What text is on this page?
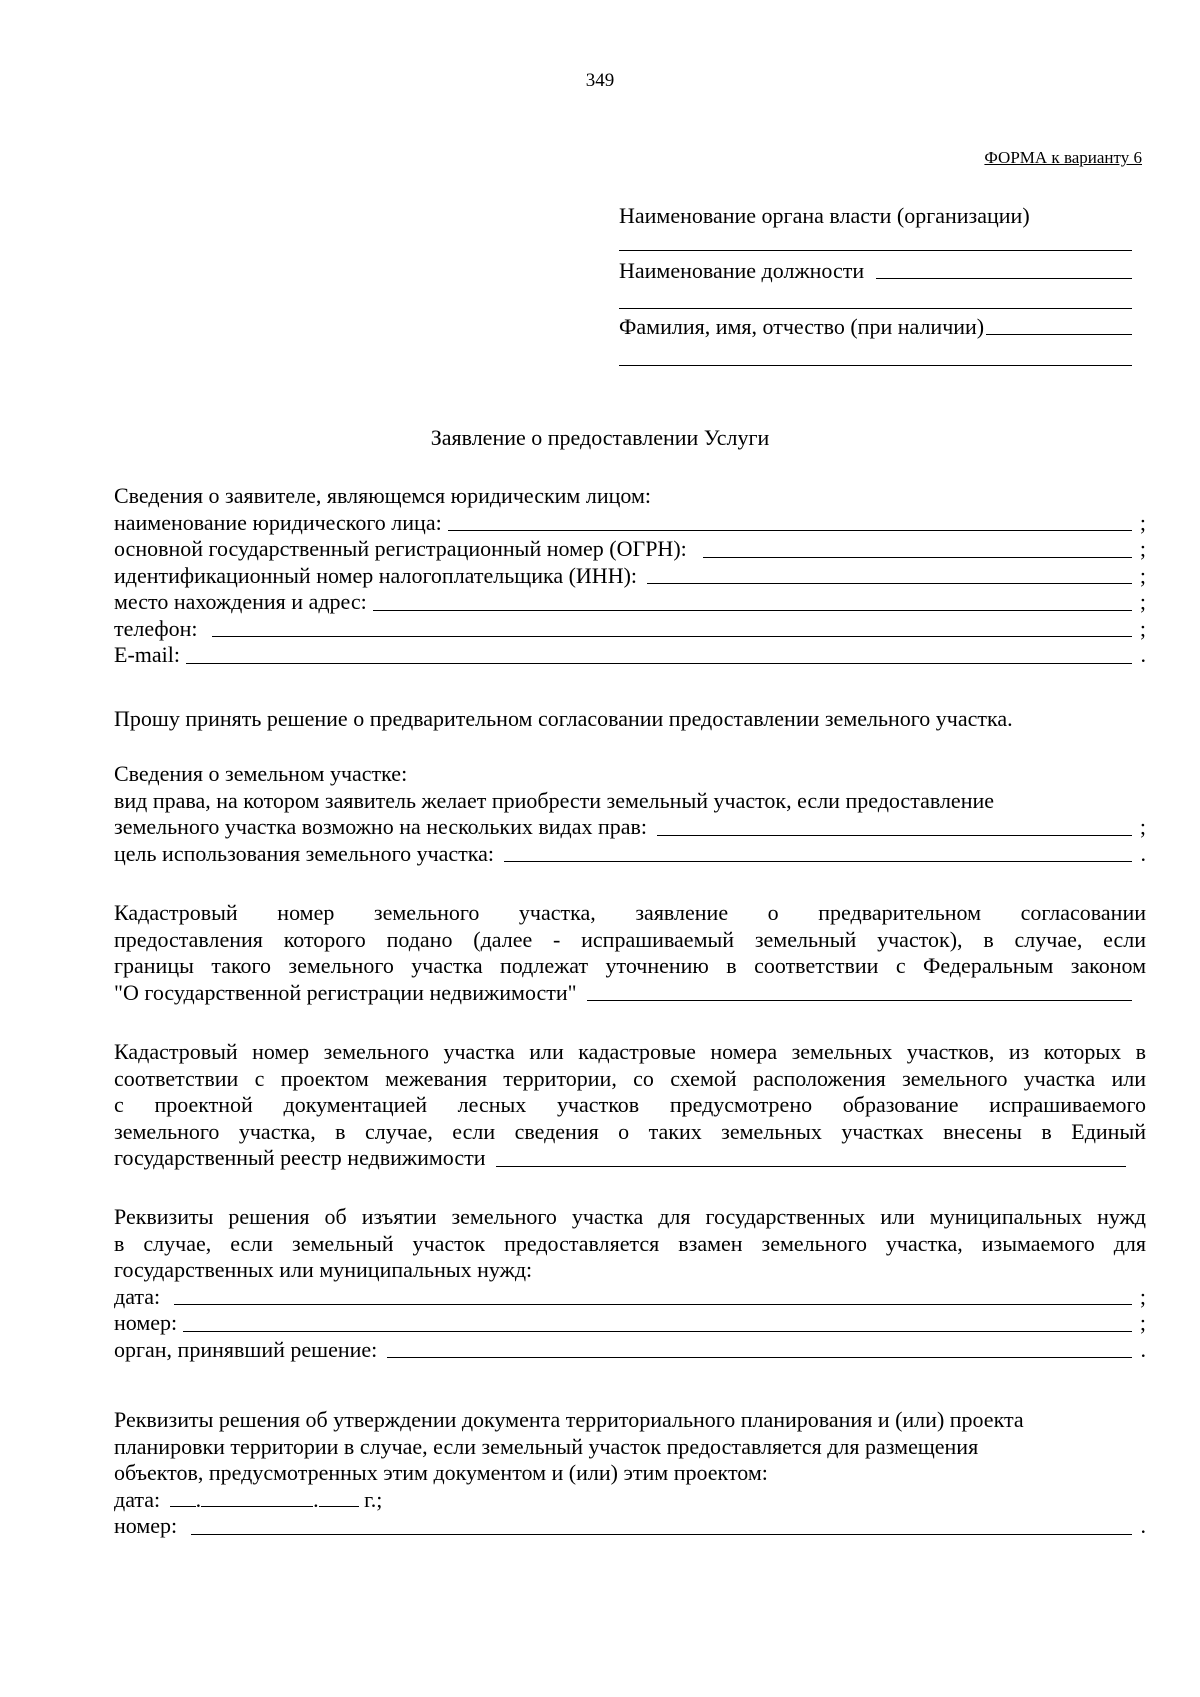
349
ФОРМА к варианту 6
Наименование органа власти (организации)
Наименование должности
Фамилия, имя, отчество (при наличии)
Заявление о предоставлении Услуги
Сведения о заявителе, являющемся юридическим лицом:
наименование юридического лица:	;
основной государственный регистрационный номер (ОГРН):	;
идентификационный номер налогоплательщика (ИНН):	;
место нахождения и адрес:	;
телефон:	;
E-mail:	.
Прошу принять решение о предварительном согласовании предоставлении земельного участка.
Сведения о земельном участке:
вид права, на котором заявитель желает приобрести земельный участок, если предоставление
земельного участка возможно на нескольких видах прав:	;
цель использования земельного участка:	.
Кадастровый номер земельного участка, заявление о предварительном согласовании
предоставления которого подано (далее - испрашиваемый земельный участок), в случае, если
границы такого земельного участка подлежат уточнению в соответствии с Федеральным законом
"О государственной регистрации недвижимости"
Кадастровый номер земельного участка или кадастровые номера земельных участков, из которых в
соответствии с проектом межевания территории, со схемой расположения земельного участка или
с проектной документацией лесных участков предусмотрено образование испрашиваемого
земельного участка, в случае, если сведения о таких земельных участках внесены в Единый
государственный реестр недвижимости
Реквизиты решения об изъятии земельного участка для государственных или муниципальных нужд
в случае, если земельный участок предоставляется взамен земельного участка, изымаемого для
государственных или муниципальных нужд:
дата:	;
номер:	;
орган, принявший решение:	.
Реквизиты решения об утверждении документа территориального планирования и (или) проекта
планировки территории в случае, если земельный участок предоставляется для размещения
объектов, предусмотренных этим документом и (или) этим проектом:
дата: .	. г.;
номер:	.
